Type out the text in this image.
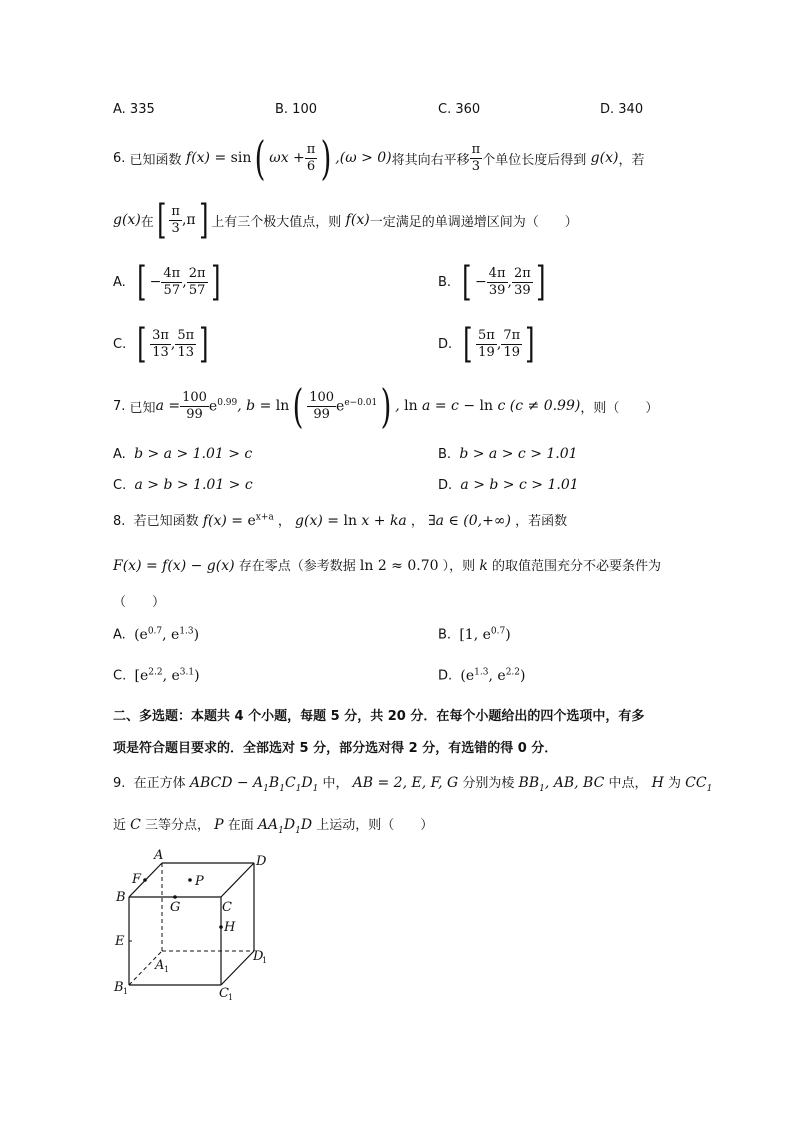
A. 335	B. 100	C. 360	D. 340
6.
已知函数 f(x) = sin ( $\omega x + \frac{\pi}{6}$ ) ,(ω > 0) 将其向右平移 $\frac{\pi}{3}$ 个单位长度后得到 g(x) ，若
g(x) 在 [ $\frac{\pi}{3} ,\pi$ ] 上有三个极大值点，则 f(x) 一定满足的单调递增区间为（　　）
A.
[ − $\frac{4\pi}{57}$ , $\frac{2\pi}{57}$ ]	B.
[ − $\frac{4\pi}{39}$ , $\frac{2\pi}{39}$ ]
C.
[ $\frac{3\pi}{13}$ , $\frac{5\pi}{13}$ ]	D.
[ $\frac{5\pi}{19}$ , $\frac{7\pi}{19}$ ]
7.
已知 $a = \frac{100}{99} e^{0.99}$ , b = ln ( $\frac{100}{99} e^{e-0.01}$ ) , ln a = c − ln c (c ≠ 0.99) ，则（　　）
A. b > a > 1.01 > c	B. b > a > c > 1.01
C. a > b > 1.01 > c	D. a > b > c > 1.01
8. 若已知函数 $f(x) = e^{x+a}$ ， g(x) = ln x + ka ， ∃a ∈ (0,+∞) ，若函数
F(x) = f(x) − g(x) 存在零点（参考数据 ln 2 ≈ 0.70 ），则 k 的取值范围充分不必要条件为
（　　）
A. ($e^{0.7}$, $e^{1.3}$)	B. [1, $e^{0.7}$)
C. [$e^{2.2}$, $e^{3.1}$)	D. ($e^{1.3}$, $e^{2.2}$)
二、多选题：本题共 4 个小题，每题 5 分，共 20 分．在每个小题给出的四个选项中，有多
项是符合题目要求的．全部选对 5 分，部分选对得 2 分，有选错的得 0 分．
9. 在正方体 ABCD − $A_1B_1C_1D_1$ 中， AB = 2, E, F, G 分别为棱 $BB_1$, AB, BC 中点， H 为 $CC_1$
近 C 三等分点， P 在面 $AA_1D_1D$ 上运动，则（　　）
A	D
B
C
F	P
G
H
E
A
D
B	C
1
1
1
1
